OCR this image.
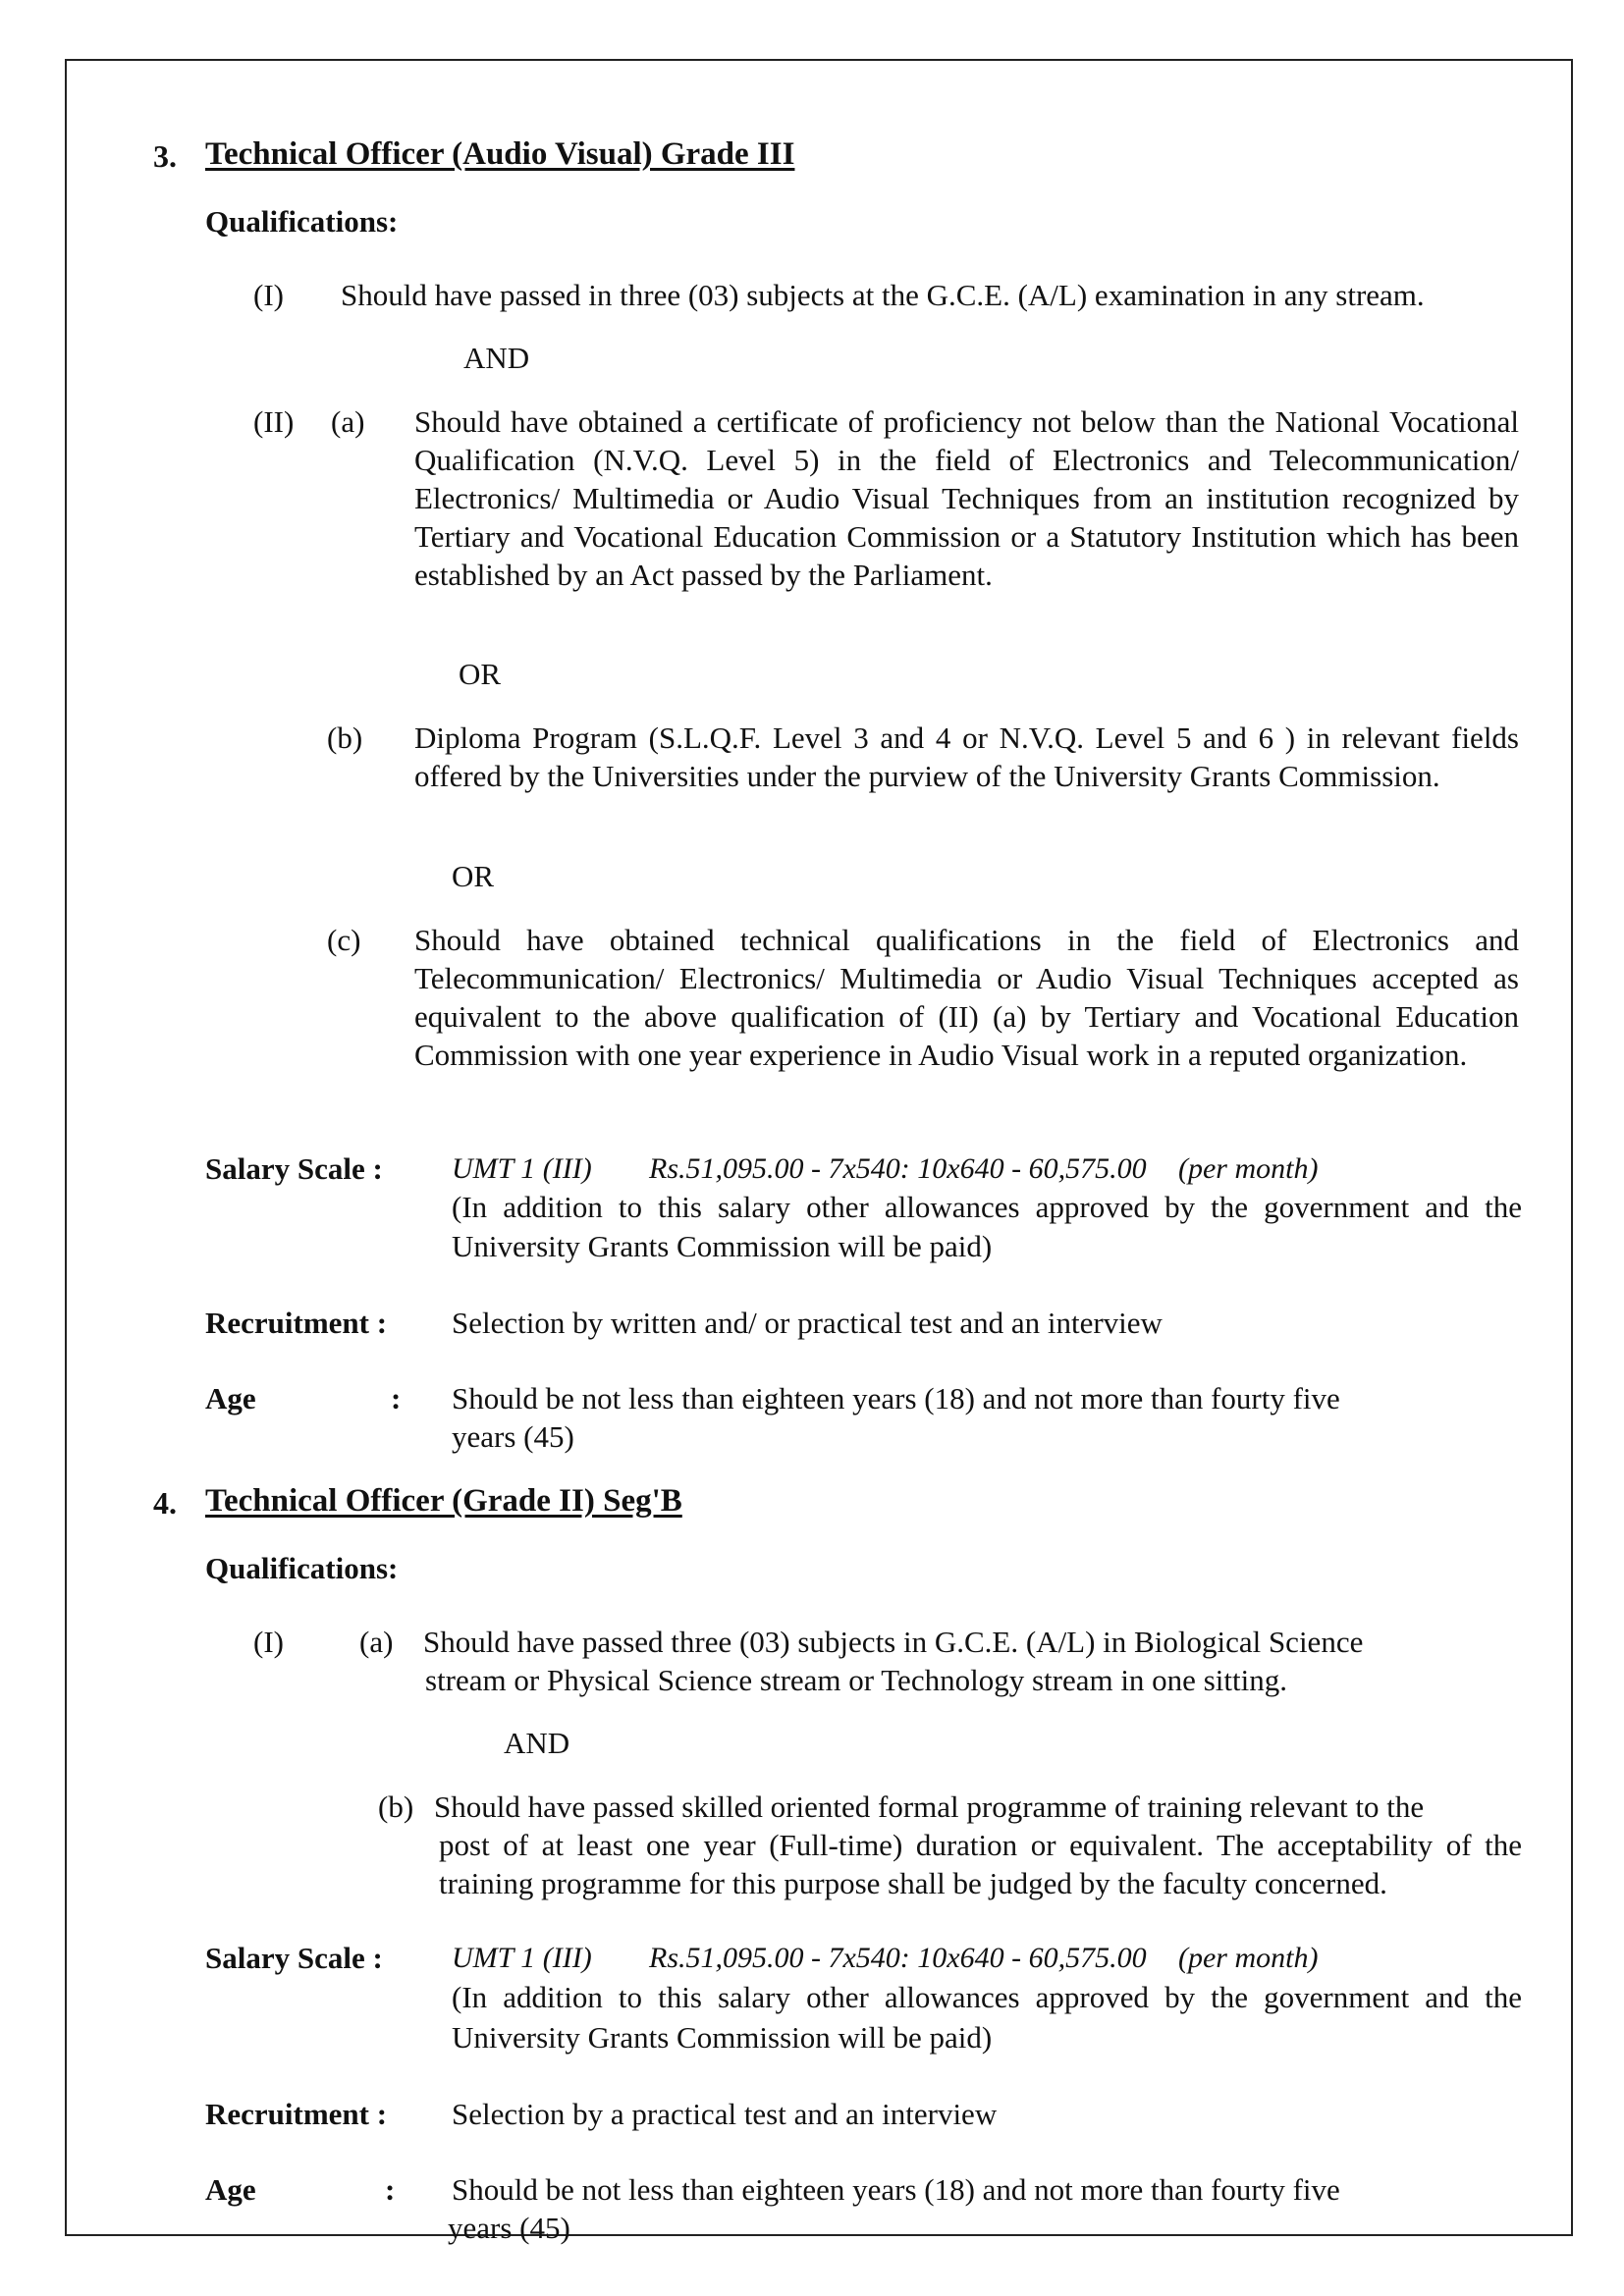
3. Technical Officer (Audio Visual) Grade III
Qualifications:
(I) Should have passed in three (03) subjects at the G.C.E. (A/L) examination in any stream.
AND
(II) (a) Should have obtained a certificate of proficiency not below than the National Vocational Qualification (N.V.Q. Level 5) in the field of Electronics and Telecommunication/ Electronics/ Multimedia or Audio Visual Techniques from an institution recognized by Tertiary and Vocational Education Commission or a Statutory Institution which has been established by an Act passed by the Parliament.
OR
(b) Diploma Program (S.L.Q.F. Level 3 and 4 or N.V.Q. Level 5 and 6 ) in relevant fields offered by the Universities under the purview of the University Grants Commission.
OR
(c) Should have obtained technical qualifications in the field of Electronics and Telecommunication/ Electronics/ Multimedia or Audio Visual Techniques accepted as equivalent to the above qualification of (II) (a) by Tertiary and Vocational Education Commission with one year experience in Audio Visual work in a reputed organization.
Salary Scale : UMT 1 (III) Rs.51,095.00 - 7x540: 10x640 - 60,575.00 (per month)
(In addition to this salary other allowances approved by the government and the University Grants Commission will be paid)
Recruitment : Selection by written and/ or practical test and an interview
Age	: Should be not less than eighteen years (18) and not more than fourty five
years (45)
4. Technical Officer (Grade II) Seg'B
Qualifications:
(I) (a) Should have passed three (03) subjects in G.C.E. (A/L) in Biological Science
stream or Physical Science stream or Technology stream in one sitting.
AND
(b) Should have passed skilled oriented formal programme of training relevant to the
post of at least one year (Full-time) duration or equivalent. The acceptability of the training programme for this purpose shall be judged by the faculty concerned.
Salary Scale : UMT 1 (III) Rs.51,095.00 - 7x540: 10x640 - 60,575.00 (per month)
(In addition to this salary other allowances approved by the government and the University Grants Commission will be paid)
Recruitment : Selection by a practical test and an interview
Age	: Should be not less than eighteen years (18) and not more than fourty five
years (45)
